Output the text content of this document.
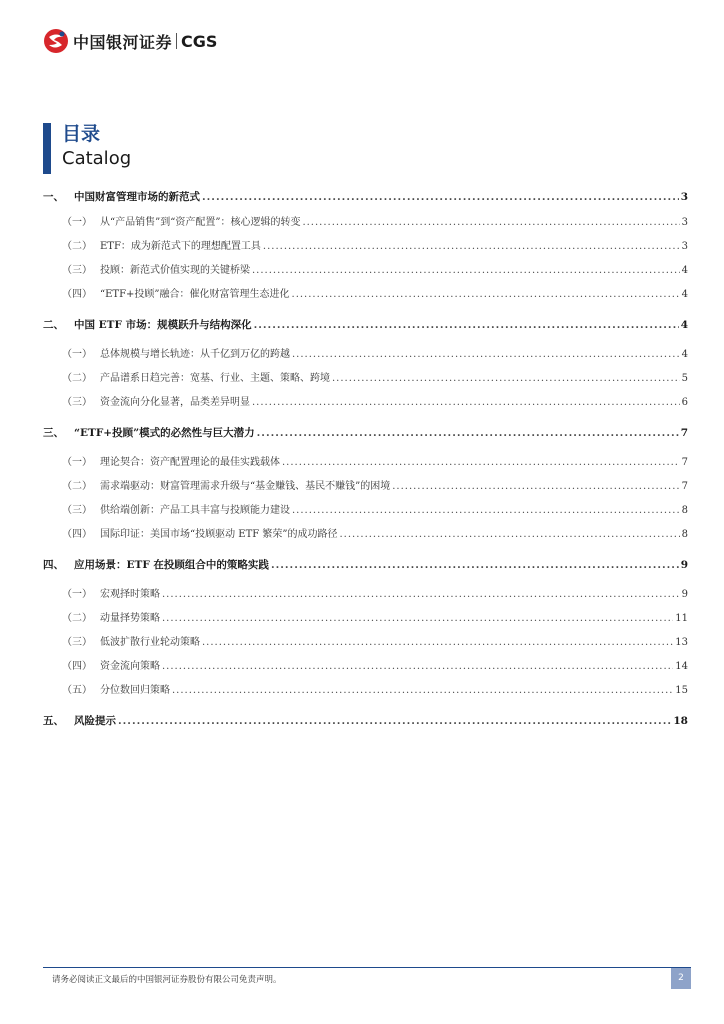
中国银河证券 CGS
目录
Catalog
一、 中国财富管理市场的新范式 .....	3
（一） 从“产品销售”到“资产配置”：核心逻辑的转变 .....	3
（二） ETF：成为新范式下的理想配置工具 .....	3
（三） 投顾：新范式价值实现的关键桥梁 .....	4
（四） “ETF+投顾”融合：催化财富管理生态进化 .....	4
二、 中国 ETF 市场：规模跃升与结构深化 .....	4
（一） 总体规模与增长轨迹：从千亿到万亿的跨越 .....	4
（二） 产品谱系日趋完善：宽基、行业、主题、策略、跨境 .....	5
（三） 资金流向分化显著，品类差异明显 .....	6
三、 “ETF+投顾”模式的必然性与巨大潜力 .....	7
（一） 理论契合：资产配置理论的最佳实践载体 .....	7
（二） 需求端驱动：财富管理需求升级与“基金赚钱、基民不赚钱”的困境 .....	7
（三） 供给端创新：产品工具丰富与投顾能力建设 .....	8
（四） 国际印证：美国市场“投顾驱动 ETF 繁荣”的成功路径 .....	8
四、 应用场景：ETF 在投顾组合中的策略实践 .....	9
（一） 宏观择时策略 .....	9
（二） 动量择势策略 .....	11
（三） 低波扩散行业轮动策略 .....	13
（四） 资金流向策略 .....	14
（五） 分位数回归策略 .....	15
五、 风险提示 .....	18
请务必阅读正文最后的中国银河证券股份有限公司免责声明。	2
